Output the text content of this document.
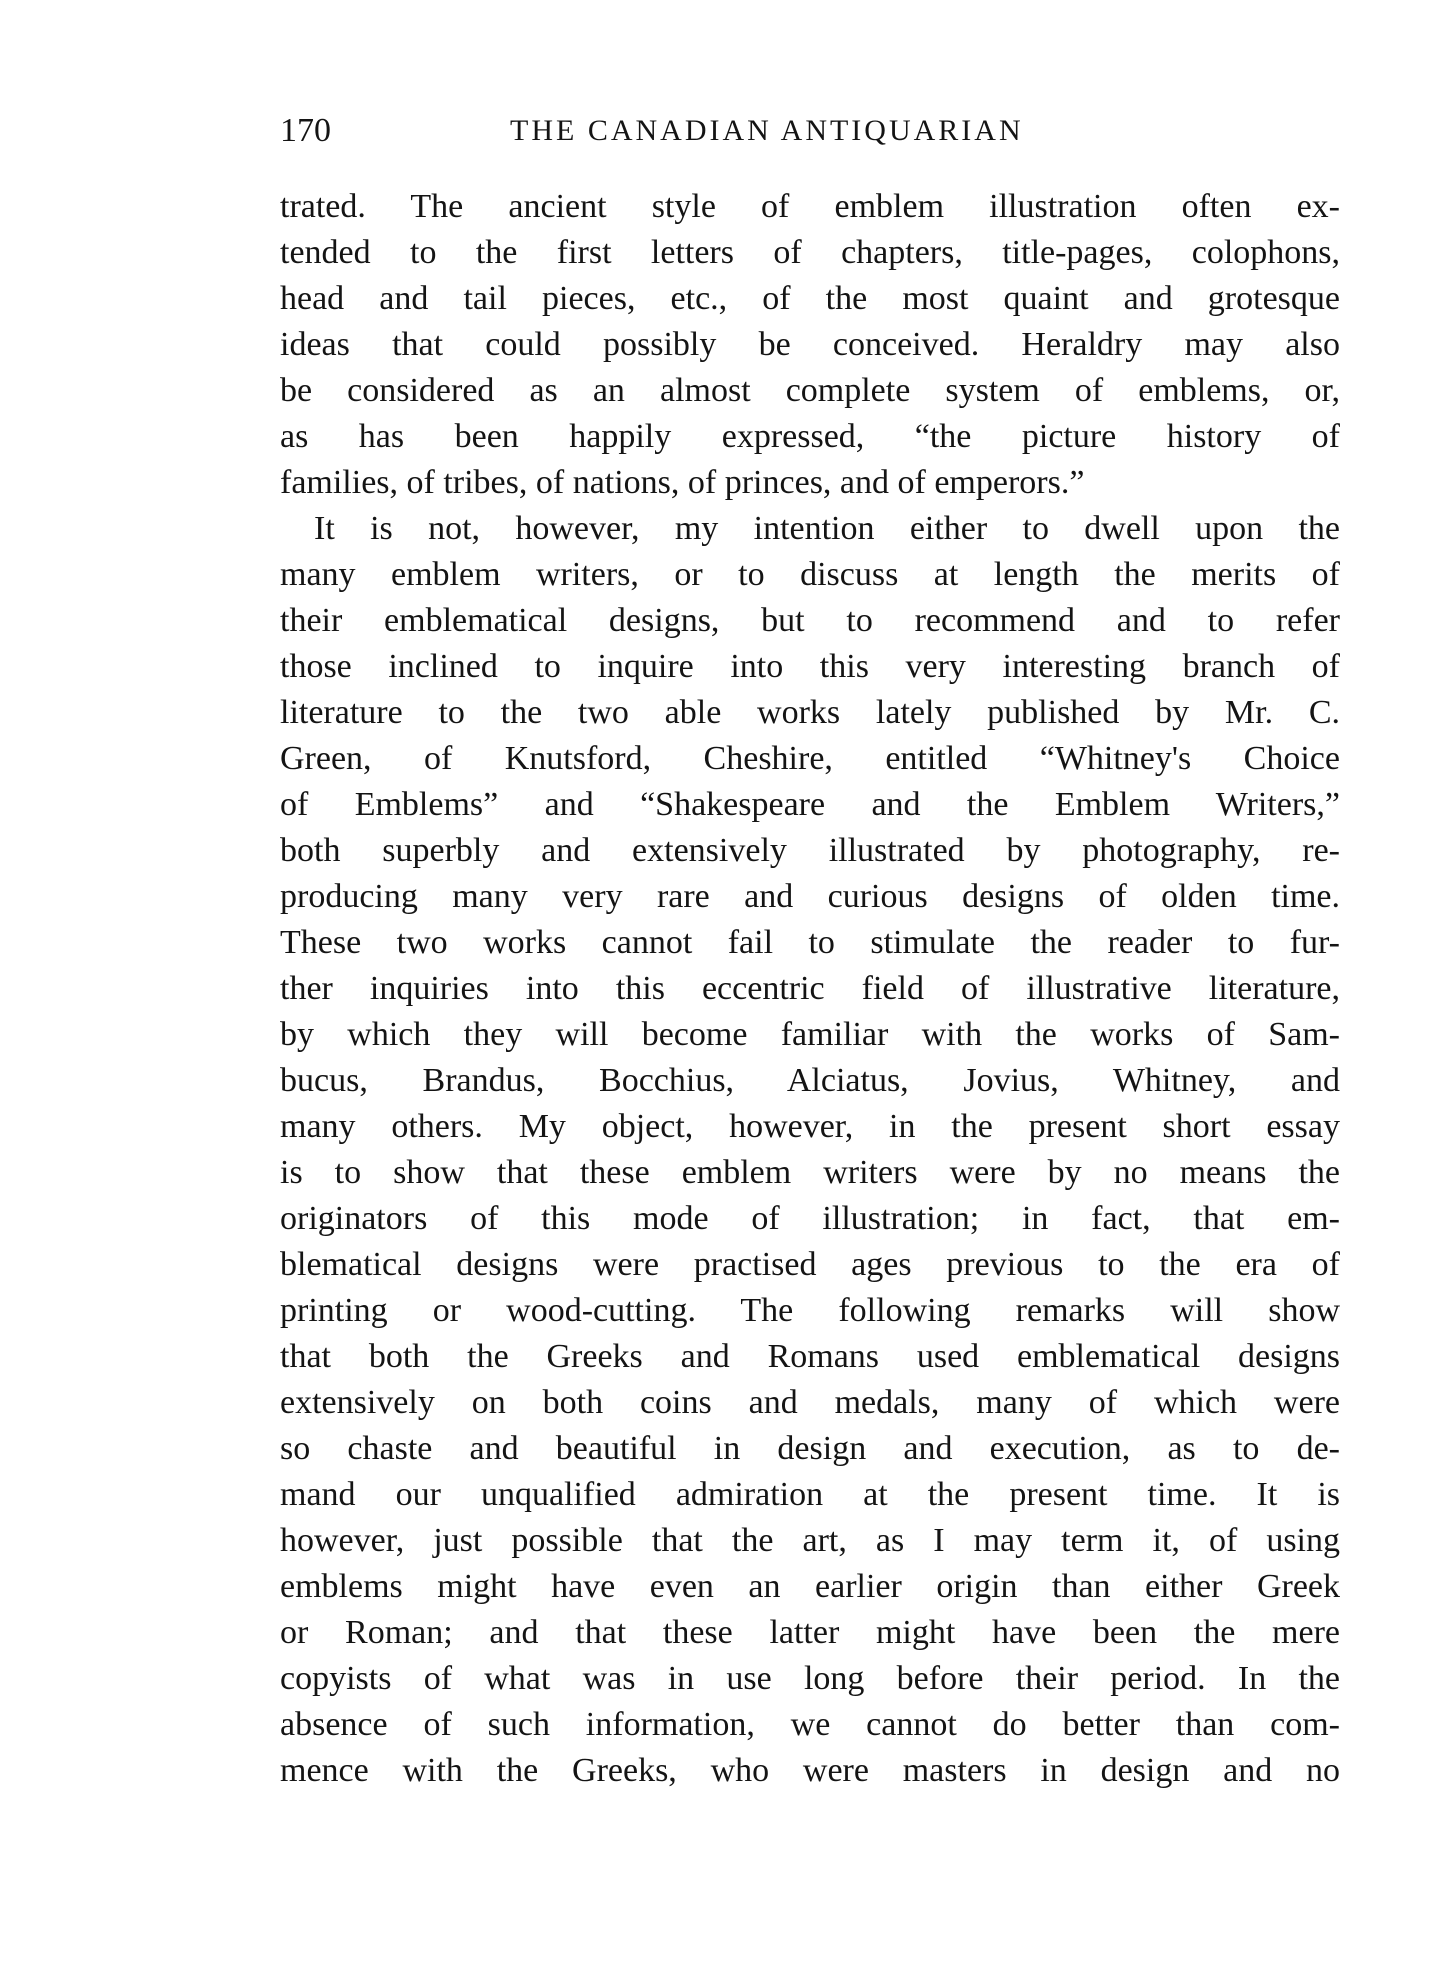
170	THE CANADIAN ANTIQUARIAN
trated. The ancient style of emblem illustration often ex-
tended to the first letters of chapters, title-pages, colophons,
head and tail pieces, etc., of the most quaint and grotesque
ideas that could possibly be conceived. Heraldry may also
be considered as an almost complete system of emblems, or,
as has been happily expressed, “the picture history of
families, of tribes, of nations, of princes, and of emperors.”
It is not, however, my intention either to dwell upon the
many emblem writers, or to discuss at length the merits of
their emblematical designs, but to recommend and to refer
those inclined to inquire into this very interesting branch of
literature to the two able works lately published by Mr. C.
Green, of Knutsford, Cheshire, entitled “Whitney's Choice
of Emblems” and “Shakespeare and the Emblem Writers,”
both superbly and extensively illustrated by photography, re-
producing many very rare and curious designs of olden time.
These two works cannot fail to stimulate the reader to fur-
ther inquiries into this eccentric field of illustrative literature,
by which they will become familiar with the works of Sam-
bucus, Brandus, Bocchius, Alciatus, Jovius, Whitney, and
many others. My object, however, in the present short essay
is to show that these emblem writers were by no means the
originators of this mode of illustration; in fact, that em-
blematical designs were practised ages previous to the era of
printing or wood-cutting. The following remarks will show
that both the Greeks and Romans used emblematical designs
extensively on both coins and medals, many of which were
so chaste and beautiful in design and execution, as to de-
mand our unqualified admiration at the present time. It is
however, just possible that the art, as I may term it, of using
emblems might have even an earlier origin than either Greek
or Roman; and that these latter might have been the mere
copyists of what was in use long before their period. In the
absence of such information, we cannot do better than com-
mence with the Greeks, who were masters in design and no
